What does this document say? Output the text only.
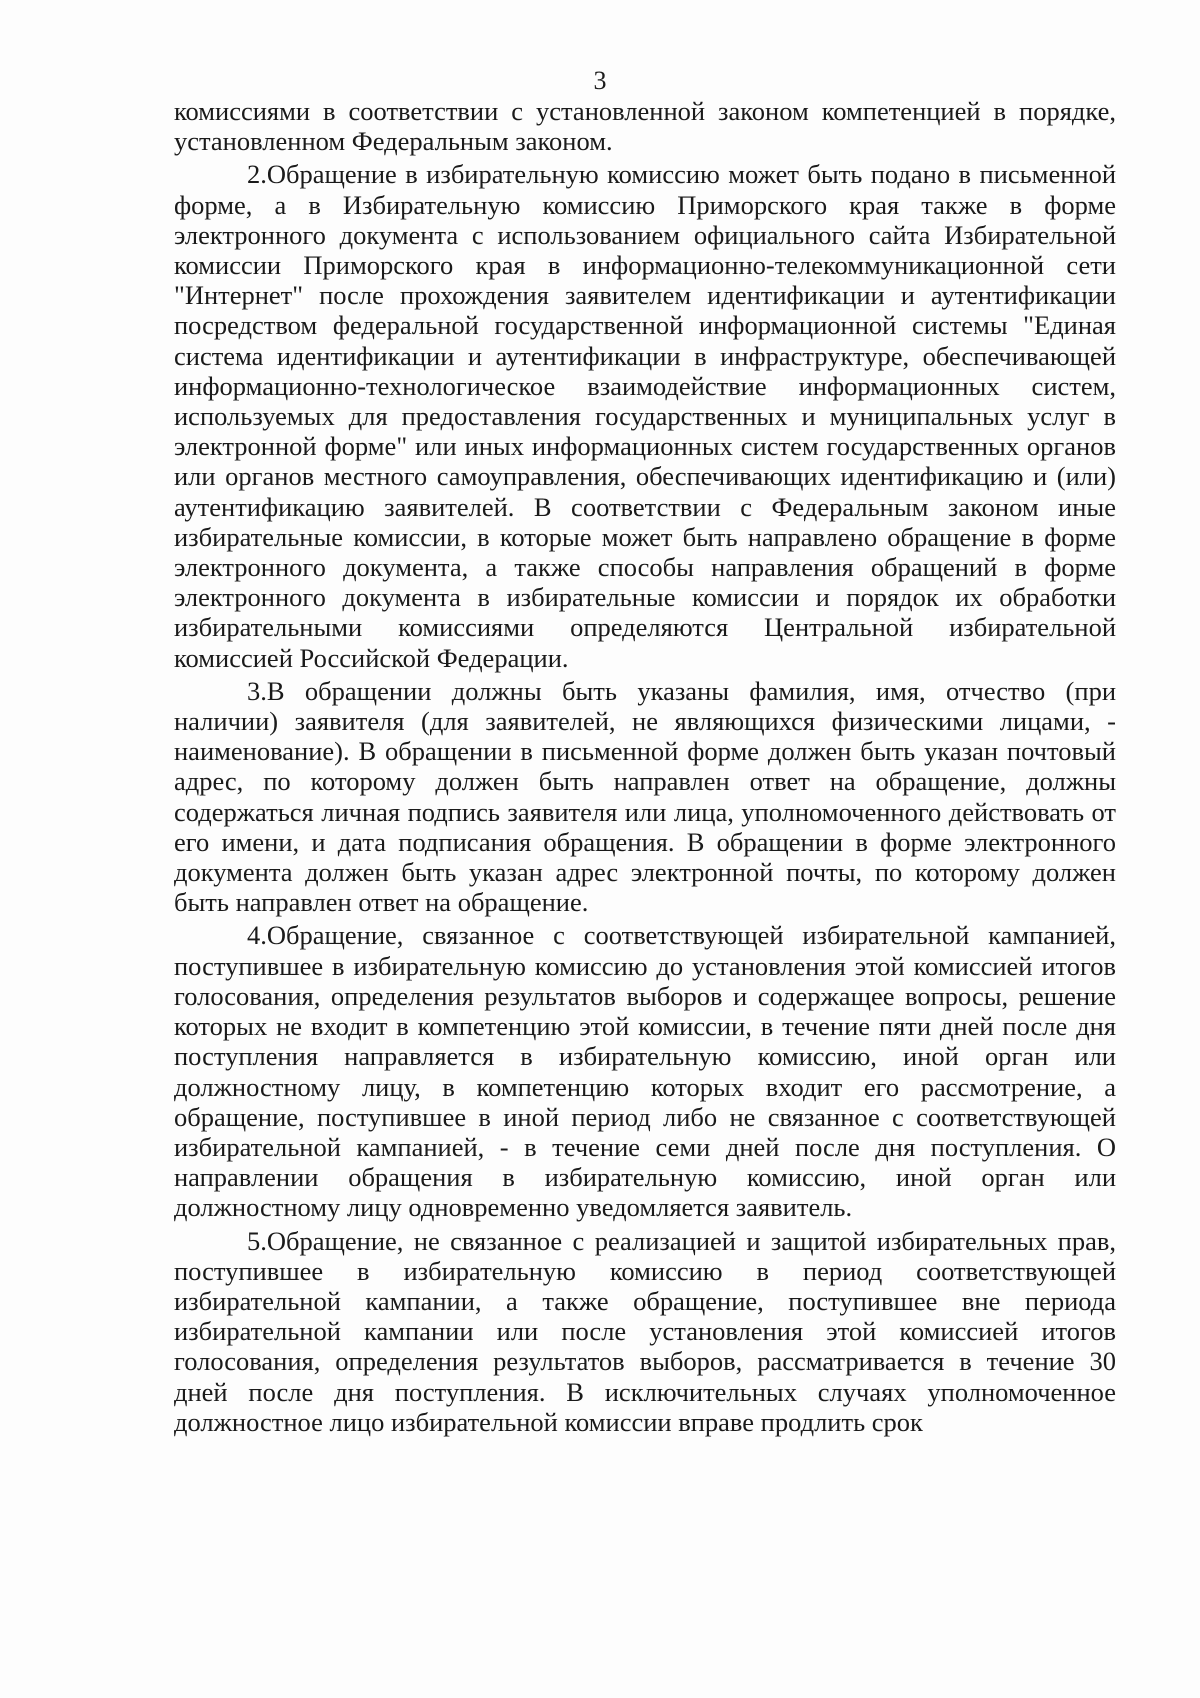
3

комиссиями в соответствии с установленной законом компетенцией в порядке, установленном Федеральным законом.

2.Обращение в избирательную комиссию может быть подано в письменной форме, а в Избирательную комиссию Приморского края также в форме электронного документа с использованием официального сайта Избирательной комиссии Приморского края в информационно-телекоммуникационной сети "Интернет" после прохождения заявителем идентификации и аутентификации посредством федеральной государственной информационной системы "Единая система идентификации и аутентификации в инфраструктуре, обеспечивающей информационно-технологическое взаимодействие информационных систем, используемых для предоставления государственных и муниципальных услуг в электронной форме" или иных информационных систем государственных органов или органов местного самоуправления, обеспечивающих идентификацию и (или) аутентификацию заявителей. В соответствии с Федеральным законом иные избирательные комиссии, в которые может быть направлено обращение в форме электронного документа, а также способы направления обращений в форме электронного документа в избирательные комиссии и порядок их обработки избирательными комиссиями определяются Центральной избирательной комиссией Российской Федерации.

3.В обращении должны быть указаны фамилия, имя, отчество (при наличии) заявителя (для заявителей, не являющихся физическими лицами, - наименование). В обращении в письменной форме должен быть указан почтовый адрес, по которому должен быть направлен ответ на обращение, должны содержаться личная подпись заявителя или лица, уполномоченного действовать от его имени, и дата подписания обращения. В обращении в форме электронного документа должен быть указан адрес электронной почты, по которому должен быть направлен ответ на обращение.

4.Обращение, связанное с соответствующей избирательной кампанией, поступившее в избирательную комиссию до установления этой комиссией итогов голосования, определения результатов выборов и содержащее вопросы, решение которых не входит в компетенцию этой комиссии, в течение пяти дней после дня поступления направляется в избирательную комиссию, иной орган или должностному лицу, в компетенцию которых входит его рассмотрение, а обращение, поступившее в иной период либо не связанное с соответствующей избирательной кампанией, - в течение семи дней после дня поступления. О направлении обращения в избирательную комиссию, иной орган или должностному лицу одновременно уведомляется заявитель.

5.Обращение, не связанное с реализацией и защитой избирательных прав, поступившее в избирательную комиссию в период соответствующей избирательной кампании, а также обращение, поступившее вне периода избирательной кампании или после установления этой комиссией итогов голосования, определения результатов выборов, рассматривается в течение 30 дней после дня поступления. В исключительных случаях уполномоченное должностное лицо избирательной комиссии вправе продлить срок
